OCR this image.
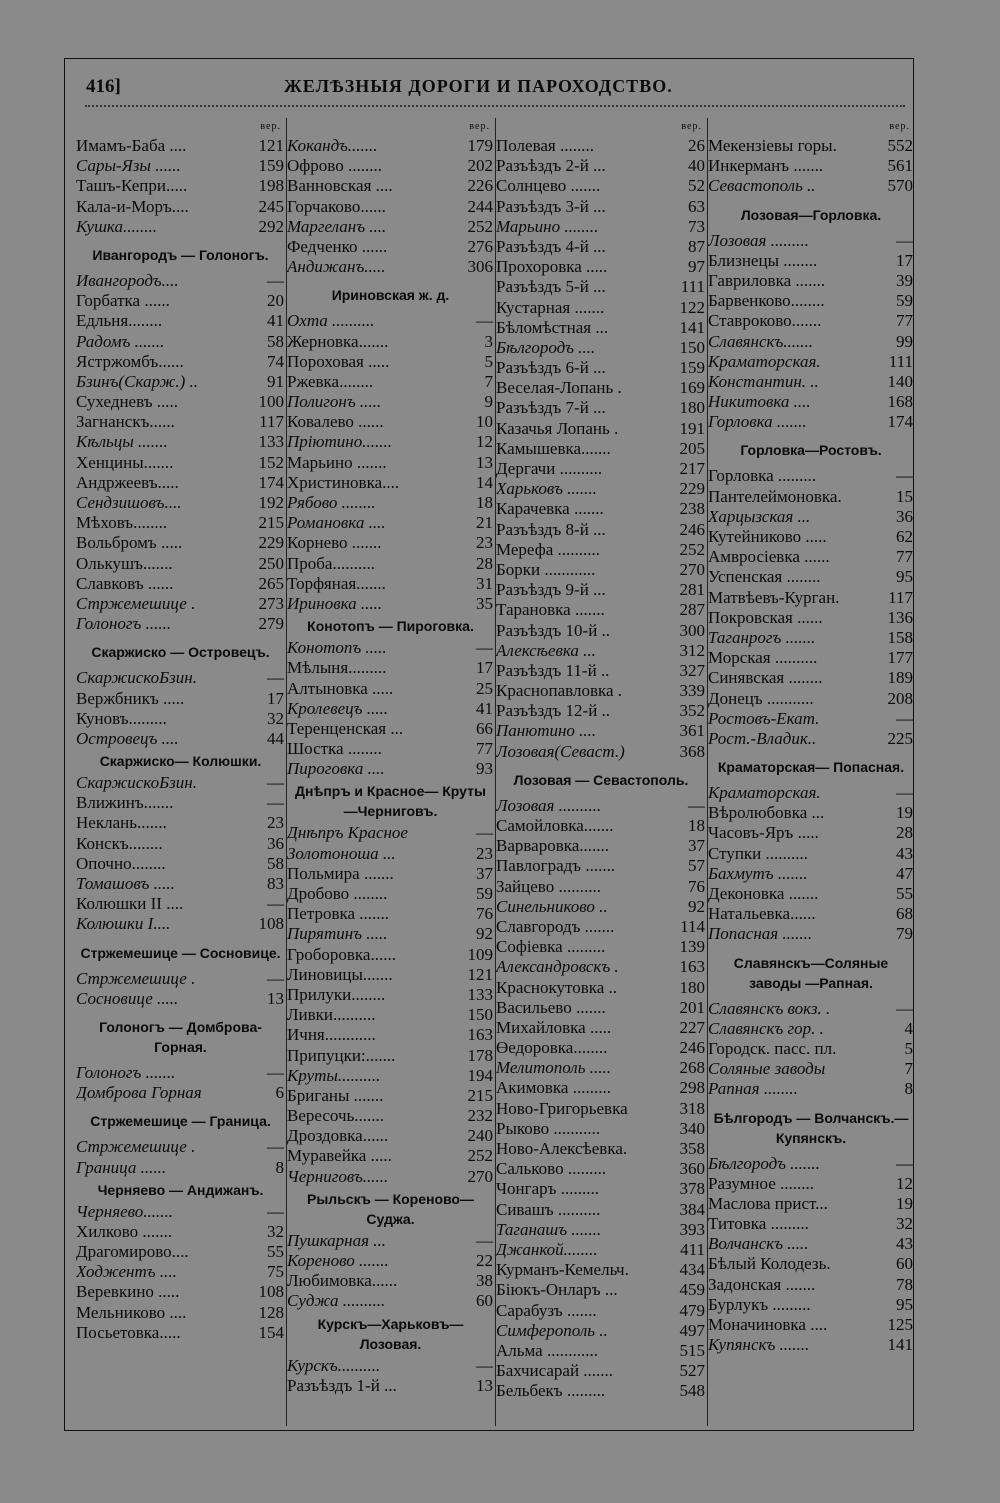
416]	ЖЕЛѢЗНЫЯ ДОРОГИ И ПАРОХОДСТВО.
вер.
Имамъ-Баба ....	121
Сары-Язы ......	159
Ташъ-Кепри.....	198
Кала-и-Моръ....	245
Кушка........	292
Ивангородъ — Голоногъ.
Ивангородъ....	—
Горбатка ......	20
Едльня........	41
Радомъ .......	58
Ястржомбъ......	74
Бзинъ(Скарж.) ..	91
Сухедневъ .....	100
Загнанскъ......	117
Кѣльцы .......	133
Хенцины.......	152
Андржеевъ.....	174
Сендзишовъ....	192
Мѣховъ........	215
Вольбромъ .....	229
Олькушъ.......	250
Славковъ ......	265
Стржемешице .	273
Голоногъ ......	279
Скаржиско — Островецъ.
СкаржискоБзин.	—
Вержбникъ .....	17
Куновъ.........	32
Островецъ ....	44
Скаржиско— Колюшки.
СкаржискоБзин.	—
Влижинъ.......	—
Неклань.......	23
Конскъ........	36
Опочно........	58
Томашовъ .....	83
Колюшки II ....	—
Колюшки I....	108
Стржемешице — Сосновице.
Стржемешице .	—
Сосновице .....	13
Голоногъ — Домброва-Горная.
Голоногъ .......	—
Домброва Горная	6
Стржемешице — Граница.
Стржемешице .	—
Граница ......	8
Черняево — Андижанъ.
Черняево.......	—
Хилково .......	32
Драгомирово....	55
Ходжентъ ....	75
Веревкино .....	108
Мельниково ....	128
Посьетовка.....	154
вер.
Кокандъ.......	179
Офрово ........	202
Ванновская ....	226
Горчаково......	244
Маргеланъ ....	252
Федченко ......	276
Андижанъ.....	306
Ириновская ж. д.
Охта ..........	—
Жерновка.......	3
Пороховая .....	5
Ржевка........	7
Полигонъ .....	9
Ковалево ......	10
Пріютино.......	12
Марьино .......	13
Христиновка....	14
Рябово ........	18
Романовка ....	21
Корнево .......	23
Проба..........	28
Торфяная.......	31
Ириновка .....	35
Конотопъ — Пироговка.
Конотопъ .....	—
Мѣлыня.........	17
Алтыновка .....	25
Кролевецъ .....	41
Теренценская ...	66
Шостка ........	77
Пироговка ....	93
Днѣпръ и Красное— Круты—Черниговъ.
Днѣпръ Красное	—
Золотоноша ...	23
Польмира .......	37
Дробово ........	59
Петровка .......	76
Пирятинъ .....	92
Гроборовка......	109
Линовицы.......	121
Прилуки........	133
Ливки..........	150
Ичня............	163
Припуцки:.......	178
Круты..........	194
Бриганы .......	215
Вересочь.......	232
Дроздовка......	240
Муравейка .....	252
Черниговъ......	270
Рыльскъ — Кореново— Суджа.
Пушкарная ...	—
Кореново .......	22
Любимовка......	38
Суджа ..........	60
Курскъ—Харьковъ— Лозовая.
Курскъ..........	—
Разъѣздъ 1-й ...	13
вер.
Полевая ........	26
Разъѣздъ 2-й ...	40
Солнцево .......	52
Разъѣздъ 3-й ...	63
Марьино ........	73
Разъѣздъ 4-й ...	87
Прохоровка .....	97
Разъѣздъ 5-й ...	111
Кустарная .......	122
Бѣломѣстная ...	141
Бѣлгородъ ....	150
Разъѣздъ 6-й ...	159
Веселая-Лопань .	169
Разъѣздъ 7-й ...	180
Казачья Лопань .	191
Камышевка.......	205
Дергачи ..........	217
Харьковъ .......	229
Карачевка .......	238
Разъѣздъ 8-й ...	246
Мерефа ..........	252
Борки ............	270
Разъѣздъ 9-й ...	281
Тарановка .......	287
Разъѣздъ 10-й ..	300
Алексѣевка ...	312
Разъѣздъ 11-й ..	327
Краснопавловка .	339
Разъѣздъ 12-й ..	352
Панютино ....	361
Лозовая(Севаст.)	368
Лозовая — Севастополь.
Лозовая ..........	—
Самойловка.......	18
Варваровка.......	37
Павлоградъ .......	57
Зайцево ..........	76
Синельниково ..	92
Славгородъ .......	114
Софіевка .........	139
Александровскъ .	163
Краснокутовка ..	180
Васильево .......	201
Михайловка .....	227
Өедоровка........	246
Мелитополь .....	268
Акимовка .........	298
Ново-Григорьевка	318
Рыково ...........	340
Ново-Алексѣевка.	358
Сальково .........	360
Чонгаръ .........	378
Сивашъ ..........	384
Таганашъ .......	393
Джанкой........	411
Курманъ-Кемельч.	434
Біюкъ-Онларъ ...	459
Сарабузъ .......	479
Симферополь ..	497
Альма ............	515
Бахчисарай .......	527
Бельбекъ .........	548
вер.
Мекензіевы горы.	552
Инкерманъ .......	561
Севастополь ..	570
Лозовая—Горловка.
Лозовая .........	—
Близнецы ........	17
Гавриловка .......	39
Барвенково........	59
Ставроково.......	77
Славянскъ.......	99
Краматорская.	111
Константин. ..	140
Никитовка ....	168
Горловка .......	174
Горловка—Ростовъ.
Горловка .........	—
Пантелеймоновка.	15
Харцызская ...	36
Кутейниково .....	62
Амвросіевка ......	77
Успенская ........	95
Матвѣевъ-Курган.	117
Покровская ......	136
Таганрогъ .......	158
Морская ..........	177
Синявская ........	189
Донецъ ...........	208
Ростовъ-Екат.	—
Рост.-Владик..	225
Краматорская— Попасная.
Краматорская.	—
Вѣролюбовка ...	19
Часовъ-Яръ .....	28
Ступки ..........	43
Бахмутъ .......	47
Деконовка .......	55
Натальевка......	68
Попасная .......	79
Славянскъ—Соляные заводы —Рапная.
Славянскъ вокз. .	—
Славянскъ гор. .	4
Городск. пасс. пл.	5
Соляные заводы	7
Рапная ........	8
Бѣлгородъ — Волчанскъ.—Купянскъ.
Бѣлгородъ .......	—
Разумное ........	12
Маслова прист...	19
Титовка .........	32
Волчанскъ .....	43
Бѣлый Колодезь.	60
Задонская .......	78
Бурлукъ .........	95
Моначиновка ....	125
Купянскъ .......	141
